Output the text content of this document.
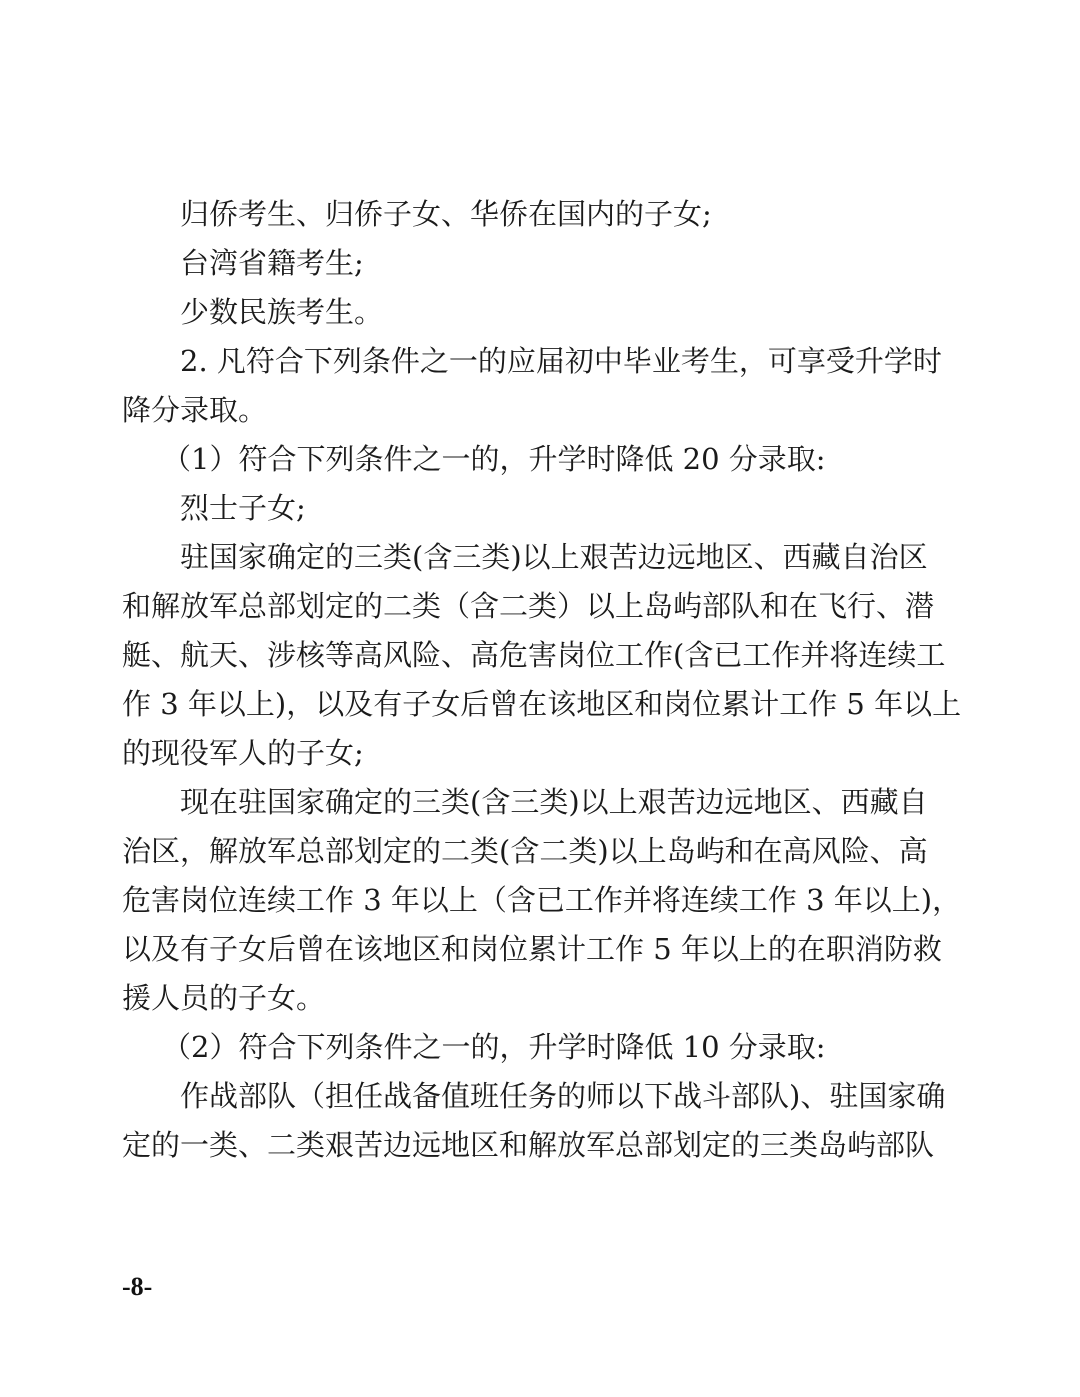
归侨考生、归侨子女、华侨在国内的子女;
台湾省籍考生;
少数民族考生。
2. 凡符合下列条件之一的应届初中毕业考生，可享受升学时
降分录取。
（1）符合下列条件之一的，升学时降低 20 分录取:
烈士子女;
驻国家确定的三类(含三类)以上艰苦边远地区、西藏自治区
和解放军总部划定的二类（含二类）以上岛屿部队和在飞行、潜
艇、航天、涉核等高风险、高危害岗位工作(含已工作并将连续工
作 3 年以上)，以及有子女后曾在该地区和岗位累计工作 5 年以上
的现役军人的子女;
现在驻国家确定的三类(含三类)以上艰苦边远地区、西藏自
治区，解放军总部划定的二类(含二类)以上岛屿和在高风险、高
危害岗位连续工作 3 年以上（含已工作并将连续工作 3 年以上)，
以及有子女后曾在该地区和岗位累计工作 5 年以上的在职消防救
援人员的子女。
（2）符合下列条件之一的，升学时降低 10 分录取:
作战部队（担任战备值班任务的师以下战斗部队)、驻国家确
定的一类、二类艰苦边远地区和解放军总部划定的三类岛屿部队
-8-
